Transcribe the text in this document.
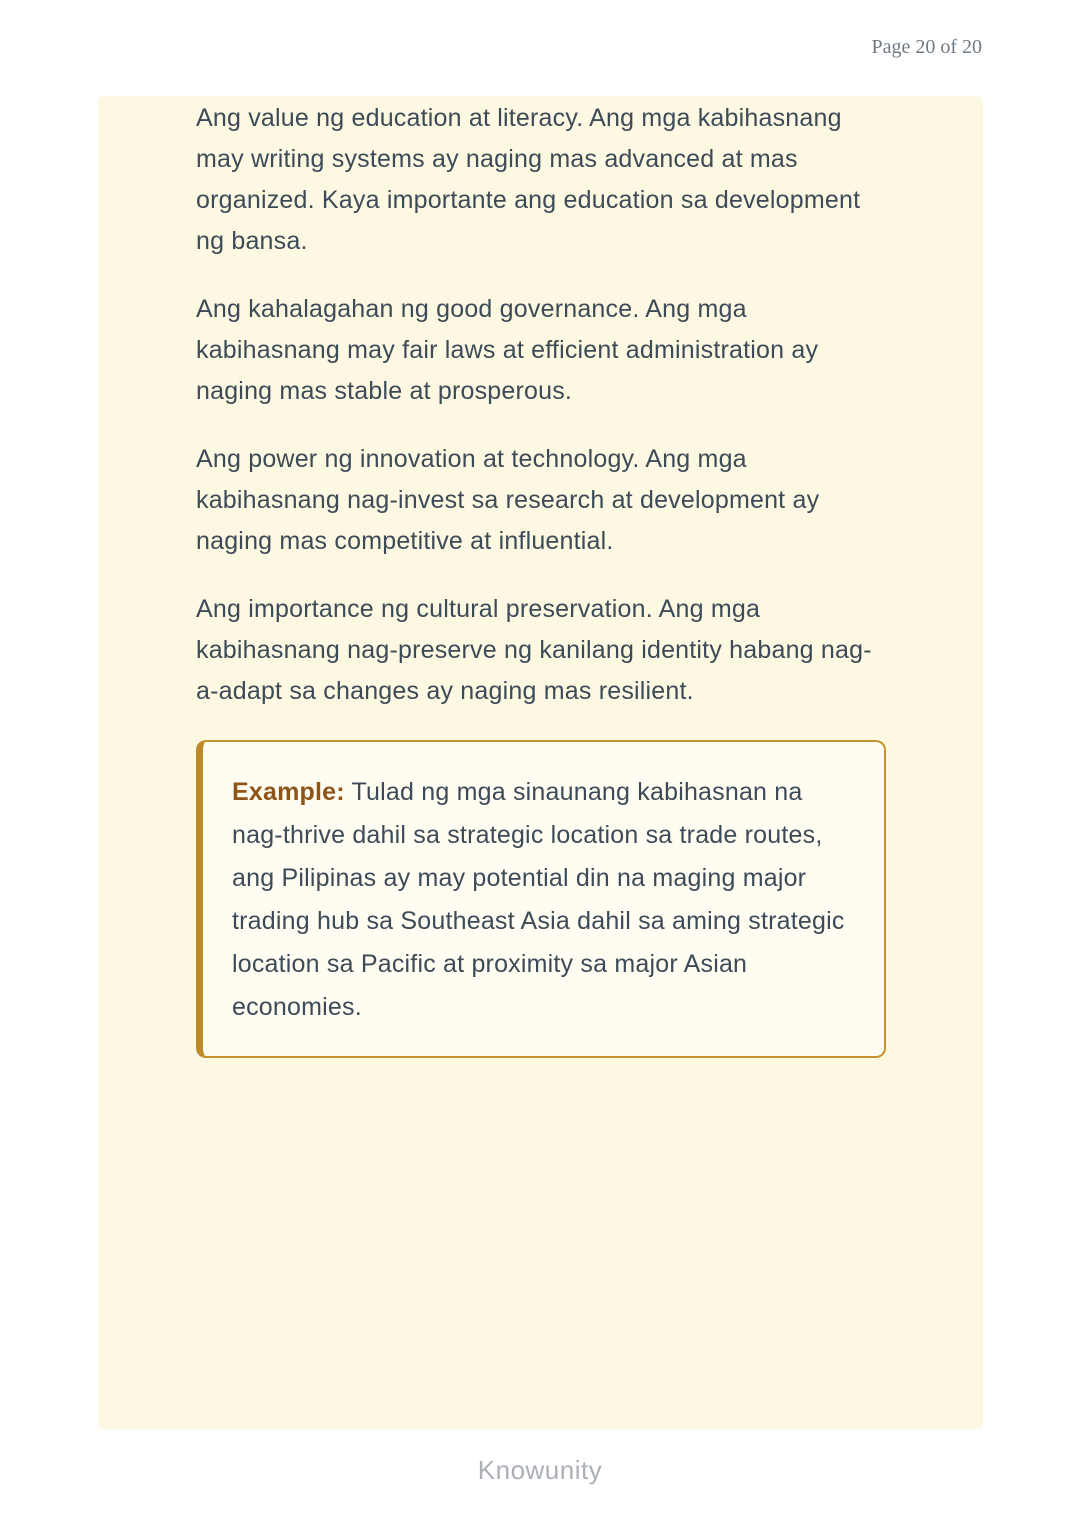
Page 20 of 20

Ang value ng education at literacy. Ang mga kabihasnang may writing systems ay naging mas advanced at mas organized. Kaya importante ang education sa development ng bansa.

Ang kahalagahan ng good governance. Ang mga kabihasnang may fair laws at efficient administration ay naging mas stable at prosperous.

Ang power ng innovation at technology. Ang mga kabihasnang nag-invest sa research at development ay naging mas competitive at influential.

Ang importance ng cultural preservation. Ang mga kabihasnang nag-preserve ng kanilang identity habang nag-a-adapt sa changes ay naging mas resilient.

Example: Tulad ng mga sinaunang kabihasnan na nag-thrive dahil sa strategic location sa trade routes, ang Pilipinas ay may potential din na maging major trading hub sa Southeast Asia dahil sa aming strategic location sa Pacific at proximity sa major Asian economies.

Knowunity
